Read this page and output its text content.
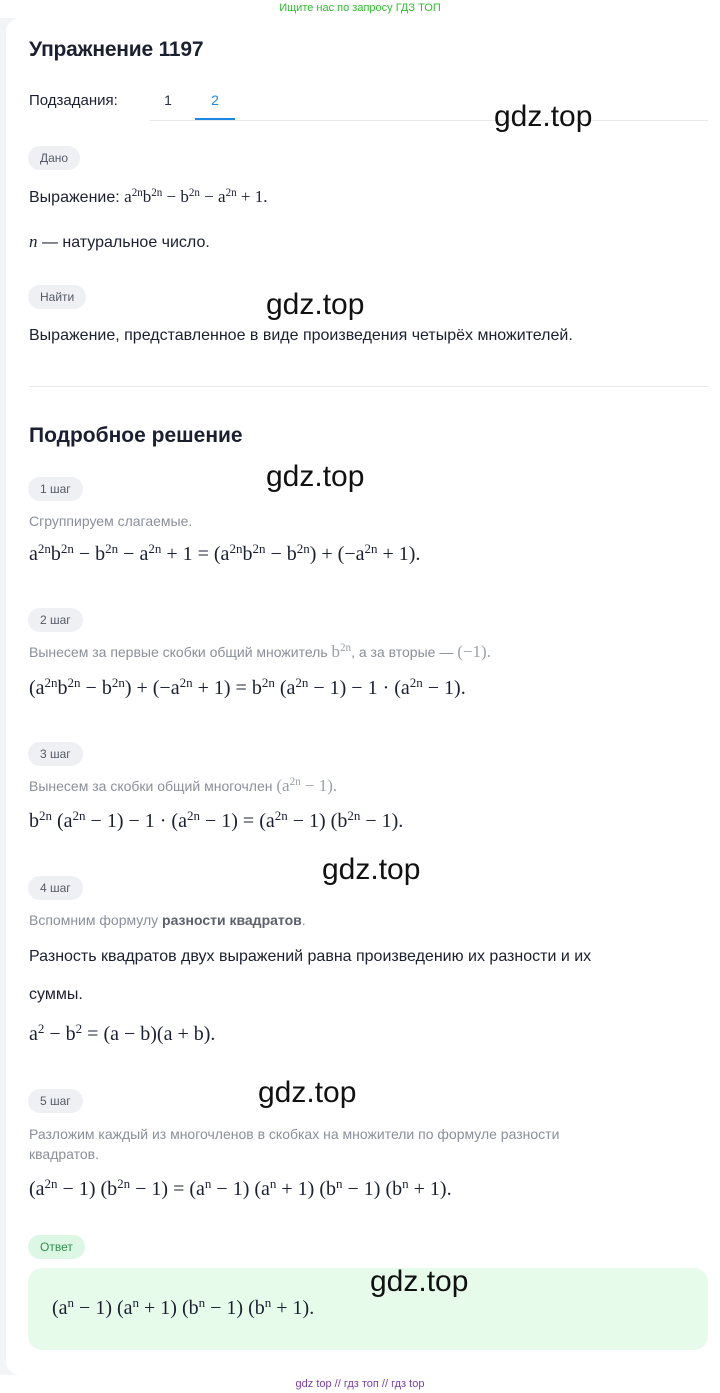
Ищите нас по запросу ГДЗ ТОП
Упражнение 1197
Подзадания:	1	2
Дано
Выражение: $a^{2n}b^{2n} - b^{2n} - a^{2n} + 1$.
n — натуральное число.
Найти
Выражение, представленное в виде произведения четырёх множителей.
Подробное решение
1 шаг
Сгруппируем слагаемые.
$a^{2n}b^{2n} - b^{2n} - a^{2n} + 1 = (a^{2n}b^{2n} - b^{2n}) + (-a^{2n} + 1)$.
2 шаг
Вынесем за первые скобки общий множитель $b^{2n}$, а за вторые — (−1).
$(a^{2n}b^{2n} - b^{2n}) + (-a^{2n} + 1) = b^{2n}$ $(a^{2n} - 1) - 1 \cdot (a^{2n} - 1)$.
3 шаг
Вынесем за скобки общий многочлен $(a^{2n} - 1)$.
$b^{2n}$ $(a^{2n} - 1) - 1 \cdot (a^{2n} - 1) = (a^{2n} - 1) (b^{2n} - 1)$.
4 шаг
Вспомним формулу разности квадратов.
Разность квадратов двух выражений равна произведению их разности и их
суммы.
$a^2 - b^2 = (a - b)(a + b)$.
5 шаг
Разложим каждый из многочленов в скобках на множители по формуле разности
квадратов.
$(a^{2n} - 1) (b^{2n} - 1) = (a^n - 1) (a^n + 1) (b^n - 1) (b^n + 1)$.
Ответ
$(a^n - 1) (a^n + 1) (b^n - 1) (b^n + 1)$.
gdz.top
gdz.top
gdz.top
gdz.top
gdz.top
gdz.top
gdz top // гдз топ // гдз top
